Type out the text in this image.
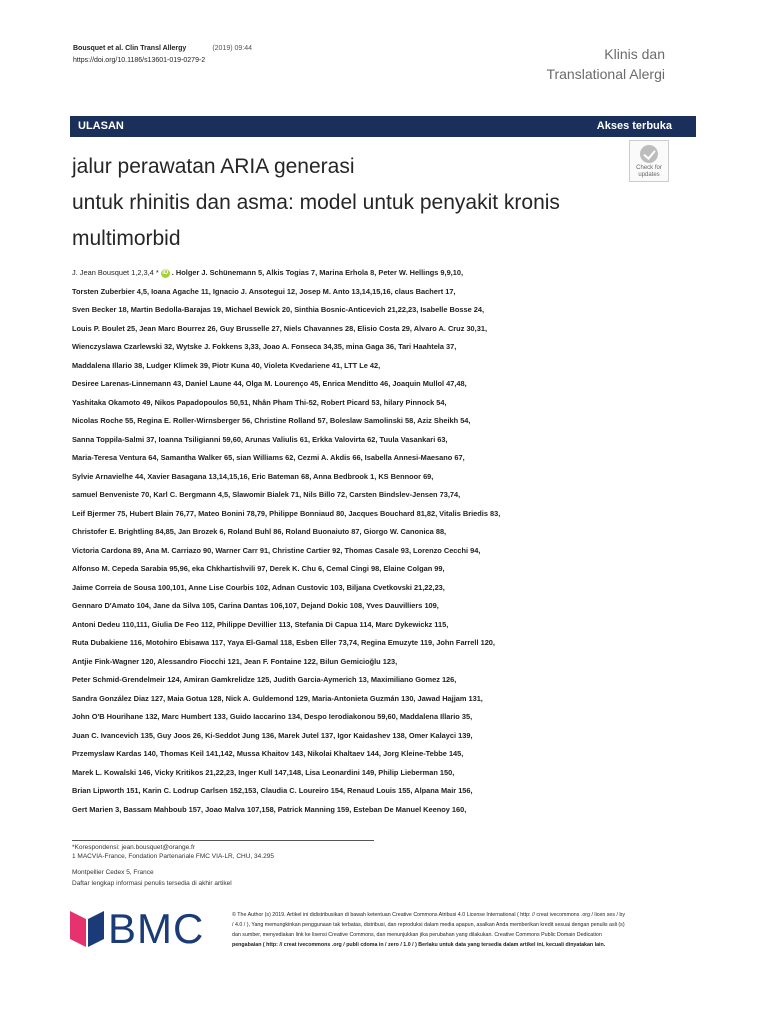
Bousquet et al. Clin Transl Allergy	(2019) 09:44
https://doi.org/10.1186/s13601-019-0279-2	Klinis dan
Translational Alergi
ULASAN	Akses terbuka
Check for
updates
jalur perawatan ARIA generasi
untuk rhinitis dan asma: model untuk penyakit kronis
multimorbid
J. Jean Bousquet 1,2,3,4 * iD . Holger J. Schünemann 5, Alkis Togias 7, Marina Erhola 8, Peter W. Hellings 9,9,10,
Torsten Zuberbier 4,5, Ioana Agache 11, Ignacio J. Ansotegui 12, Josep M. Anto 13,14,15,16, claus Bachert 17,
Sven Becker 18, Martin Bedolla-Barajas 19, Michael Bewick 20, Sinthia Bosnic-Anticevich 21,22,23, Isabelle Bosse 24,
Louis P. Boulet 25, Jean Marc Bourrez 26, Guy Brusselle 27, Niels Chavannes 28, Elisio Costa 29, Alvaro A. Cruz 30,31,
Wienczyslawa Czarlewski 32, Wytske J. Fokkens 3,33, Joao A. Fonseca 34,35, mina Gaga 36, Tari Haahtela 37,
Maddalena Illario 38, Ludger Klimek 39, Piotr Kuna 40, Violeta Kvedariene 41, LTT Le 42,
Desiree Larenas-Linnemann 43, Daniel Laune 44, Olga M. Lourenço 45, Enrica Menditto 46, Joaquin Mullol 47,48,
Yashitaka Okamoto 49, Nikos Papadopoulos 50,51, Nhân Pham Thi-52, Robert Picard 53, hilary Pinnock 54,
Nicolas Roche 55, Regina E. Roller-Wirnsberger 56, Christine Rolland 57, Boleslaw Samolinski 58, Aziz Sheikh 54,
Sanna Toppila-Salmi 37, Ioanna Tsiligianni 59,60, Arunas Valiulis 61, Erkka Valovirta 62, Tuula Vasankari 63,
Maria-Teresa Ventura 64, Samantha Walker 65, sian Williams 62, Cezmi A. Akdis 66, Isabella Annesi-Maesano 67,
Sylvie Arnavielhe 44, Xavier Basagana 13,14,15,16, Eric Bateman 68, Anna Bedbrook 1, KS Bennoor 69,
samuel Benveniste 70, Karl C. Bergmann 4,5, Slawomir Bialek 71, Nils Billo 72, Carsten Bindslev-Jensen 73,74,
Leif Bjermer 75, Hubert Blain 76,77, Mateo Bonini 78,79, Philippe Bonniaud 80, Jacques Bouchard 81,82, Vitalis Briedis 83,
Christofer E. Brightling 84,85, Jan Brozek 6, Roland Buhl 86, Roland Buonaiuto 87, Giorgo W. Canonica 88,
Victoria Cardona 89, Ana M. Carriazo 90, Warner Carr 91, Christine Cartier 92, Thomas Casale 93, Lorenzo Cecchi 94,
Alfonso M. Cepeda Sarabia 95,96, eka Chkhartishvili 97, Derek K. Chu 6, Cemal Cingi 98, Elaine Colgan 99,
Jaime Correia de Sousa 100,101, Anne Lise Courbis 102, Adnan Custovic 103, Biljana Cvetkovski 21,22,23,
Gennaro D'Amato 104, Jane da Silva 105, Carina Dantas 106,107, Dejand Dokic 108, Yves Dauvilliers 109,
Antoni Dedeu 110,111, Giulia De Feo 112, Philippe Devillier 113, Stefania Di Capua 114, Marc Dykewickz 115,
Ruta Dubakiene 116, Motohiro Ebisawa 117, Yaya El-Gamal 118, Esben Eller 73,74, Regina Emuzyte 119, John Farrell 120,
Antjie Fink-Wagner 120, Alessandro Fiocchi 121, Jean F. Fontaine 122, Bilun Gemicioğlu 123,
Peter Schmid-Grendelmeir 124, Amiran Gamkrelidze 125, Judith Garcia-Aymerich 13, Maximiliano Gomez 126,
Sandra González Diaz 127, Maia Gotua 128, Nick A. Guldemond 129, Maria-Antonieta Guzmán 130, Jawad Hajjam 131,
John O'B Hourihane 132, Marc Humbert 133, Guido Iaccarino 134, Despo Ierodiakonou 59,60, Maddalena Illario 35,
Juan C. Ivancevich 135, Guy Joos 26, Ki-Seddot Jung 136, Marek Jutel 137, Igor Kaidashev 138, Omer Kalayci 139,
Przemyslaw Kardas 140, Thomas Keil 141,142, Mussa Khaitov 143, Nikolai Khaltaev 144, Jorg Kleine-Tebbe 145,
Marek L. Kowalski 146, Vicky Kritikos 21,22,23, Inger Kull 147,148, Lisa Leonardini 149, Philip Lieberman 150,
Brian Lipworth 151, Karin C. Lodrup Carlsen 152,153, Claudia C. Loureiro 154, Renaud Louis 155, Alpana Mair 156,
Gert Marien 3, Bassam Mahboub 157, Joao Malva 107,158, Patrick Manning 159, Esteban De Manuel Keenoy 160,
*Korespondensi: jean.bousquet@orange.fr
1 MACVIA-France, Fondation Partenariale FMC VIA-LR, CHU, 34.295
Montpellier Cedex 5, France
Daftar lengkap informasi penulis tersedia di akhir artikel
BMC	© The Author (s) 2019. Artikel ini didistribusikan di bawah ketentuan Creative Commons Atribusi 4.0 License International ( http: // creat ivecommons .org / licen ses / by
/ 4.0 / ), Yang memungkinkan penggunaan tak terbatas, distribusi, dan reproduksi dalam media apapun, asalkan Anda memberikan kredit sesuai dengan penulis asli (s)
dan sumber, menyediakan link ke lisensi Creative Commons, dan menunjukkan jika perubahan yang dilakukan. Creative Commons Public Domain Dedication
pengabaian ( http: // creat ivecommons .org / publi cdoma in / zero / 1.0 / ) Berlaku untuk data yang tersedia dalam artikel ini, kecuali dinyatakan lain.
